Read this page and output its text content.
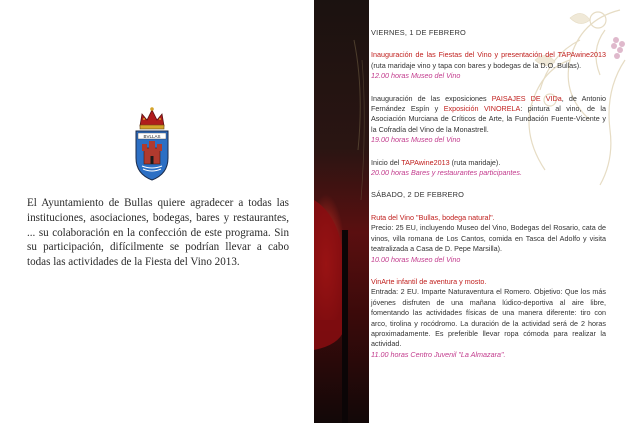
BVLLAS

El Ayuntamiento de Bullas quiere agradecer a todas las instituciones, asociaciones, bodegas, bares y restaurantes, ... su colaboración en la confección de este programa. Sin su participación, difícilmente se podrían llevar a cabo todas las actividades de la Fiesta del Vino 2013.

VIERNES, 1 DE FEBRERO

Inauguración de las Fiestas del Vino y presentación del TAPAwine2013 (ruta maridaje vino y tapa con bares y bodegas de la D.O. Bullas).

12.00 horas Museo del Vino

Inauguración de las exposiciones PAISAJES DE VIDa, de Antonio Fernández Espín y Exposición VINORELA: pintura al vino, de la Asociación Murciana de Críticos de Arte, la Fundación Fuente-Vicente y la Cofradía del Vino de la Monastrell.

19.00 horas Museo del Vino

Inicio del TAPAwine2013 (ruta maridaje).

20.00 horas Bares y restaurantes participantes.

SÁBADO, 2 DE FEBRERO

Ruta del Vino "Bullas, bodega natural".

Precio: 25 EU, incluyendo Museo del Vino, Bodegas del Rosario, cata de vinos, villa romana de Los Cantos, comida en Tasca del Adolfo y visita teatralizada a Casa de D. Pepe Marsilla).

10.00 horas Museo del Vino

VinArte infantil de aventura y mosto.

Entrada: 2 EU. Imparte Naturaventura el Romero. Objetivo: Que los más jóvenes disfruten de una mañana lúdico-deportiva al aire libre, fomentando las actividades físicas de una manera diferente: tiro con arco, tirolina y rocódromo. La duración de la actividad será de 2 horas aproximadamente. Es preferible llevar ropa cómoda para realizar la actividad.

11.00 horas Centro Juvenil "La Almazara".
